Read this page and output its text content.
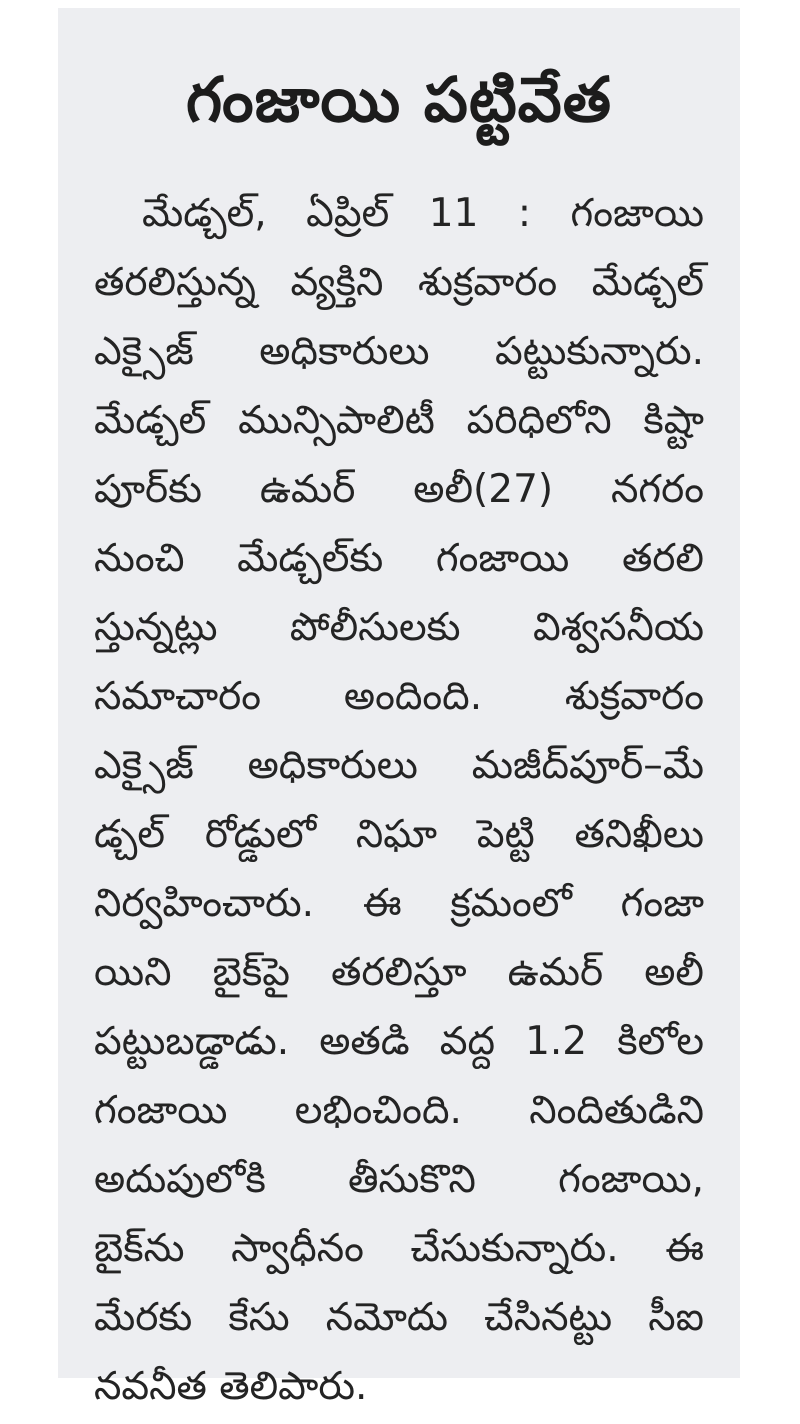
గంజాయి పట్టివేత
మేడ్చల్, ఏప్రిల్ 11 : గంజాయి
తరలిస్తున్న వ్యక్తిని శుక్రవారం మేడ్చల్
ఎక్సైజ్ అధికారులు పట్టుకున్నారు.
మేడ్చల్ మున్సిపాలిటీ పరిధిలోని కిష్టా
పూర్‌కు ఉమర్ అలీ(27) నగరం
నుంచి మేడ్చల్‌కు గంజాయి తరలి
స్తున్నట్లు పోలీసులకు విశ్వసనీయ
సమాచారం అందింది. శుక్రవారం
ఎక్సైజ్ అధికారులు మజీద్‌పూర్–మే
డ్చల్ రోడ్డులో నిఘా పెట్టి తనిఖీలు
నిర్వహించారు. ఈ క్రమంలో గంజా
యిని బైక్‌పై తరలిస్తూ ఉమర్ అలీ
పట్టుబడ్డాడు. అతడి వద్ద 1.2 కిలోల
గంజాయి లభించింది. నిందితుడిని
అదుపులోకి తీసుకొని గంజాయి,
బైక్‌ను స్వాధీనం చేసుకున్నారు. ఈ
మేరకు కేసు నమోదు చేసినట్టు సీఐ
నవనీత తెలిపారు.
